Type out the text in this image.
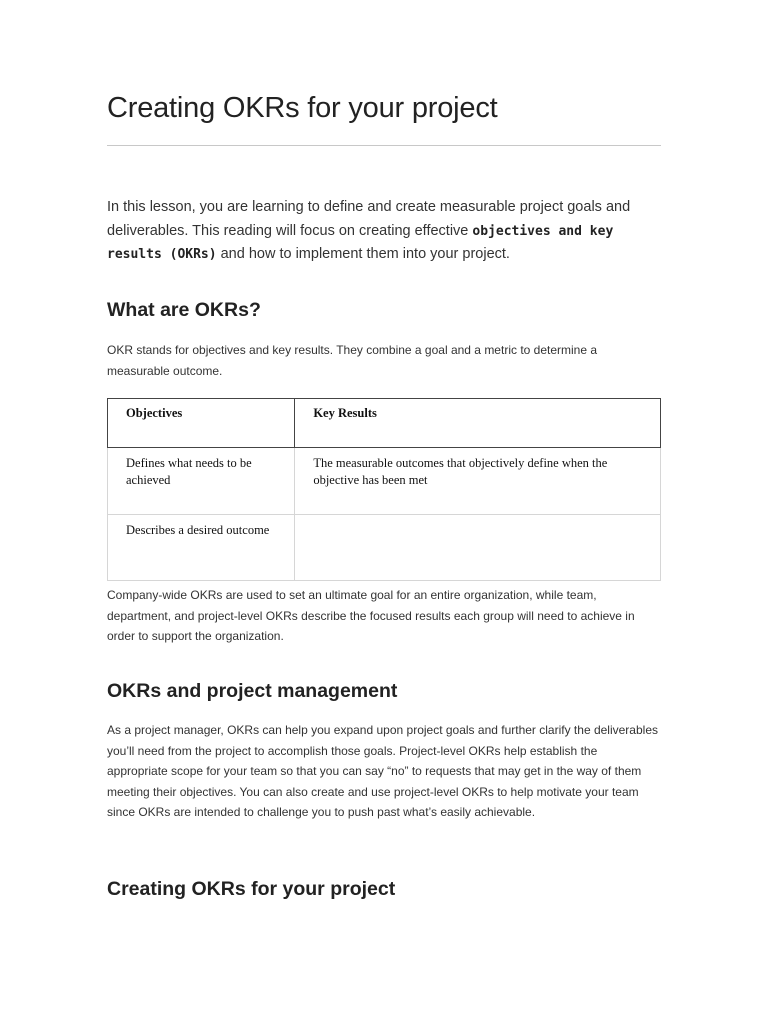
Creating OKRs for your project

In this lesson, you are learning to define and create measurable project goals and deliverables. This reading will focus on creating effective objectives and key results (OKRs) and how to implement them into your project.

What are OKRs?

OKR stands for objectives and key results. They combine a goal and a metric to determine a measurable outcome.

Objectives	Key Results

Defines what needs to be achieved	The measurable outcomes that objectively define when the objective has been met

Describes a desired outcome	

Company-wide OKRs are used to set an ultimate goal for an entire organization, while team, department, and project-level OKRs describe the focused results each group will need to achieve in order to support the organization.

OKRs and project management

As a project manager, OKRs can help you expand upon project goals and further clarify the deliverables you’ll need from the project to accomplish those goals. Project-level OKRs help establish the appropriate scope for your team so that you can say “no” to requests that may get in the way of them meeting their objectives. You can also create and use project-level OKRs to help motivate your team since OKRs are intended to challenge you to push past what’s easily achievable.

Creating OKRs for your project
